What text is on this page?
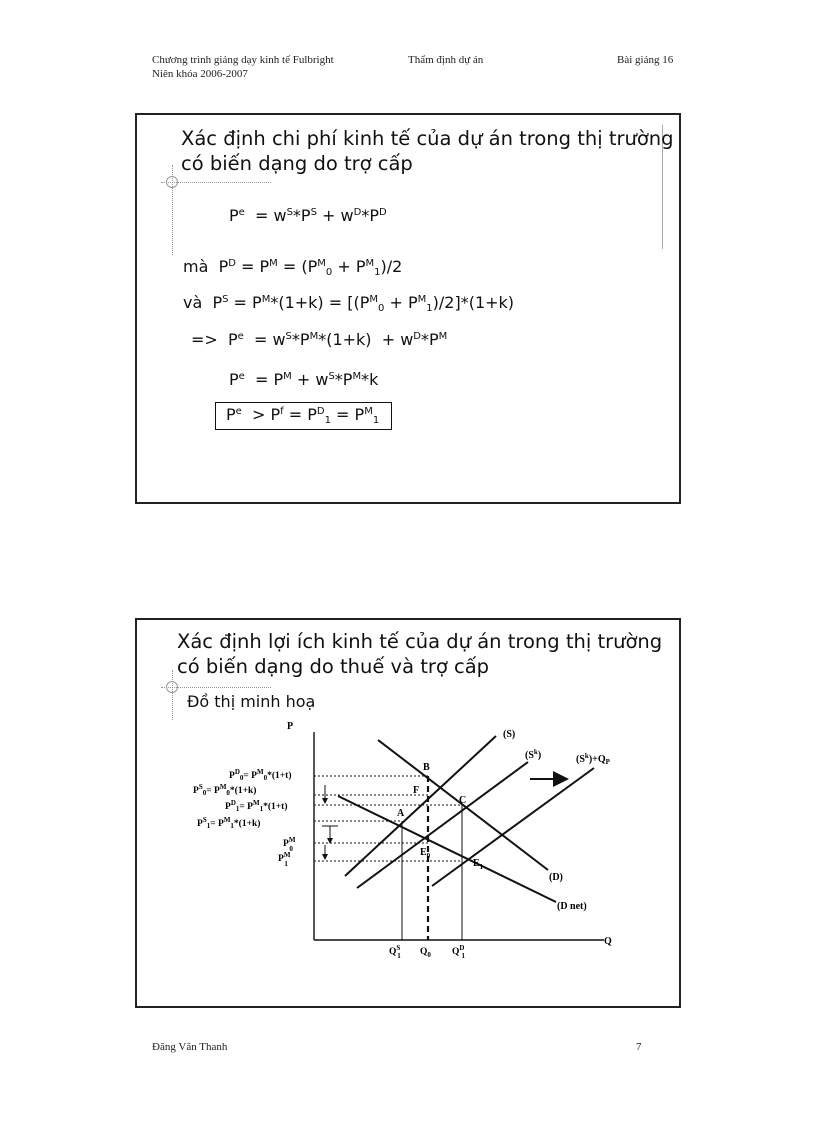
Chương trình giảng dạy kinh tế Fulbright
Niên khóa 2006-2007
Thẩm định dự án	Bài giảng 16
Xác định chi phí kinh tế của dự án trong thị trường
có biến dạng do trợ cấp
$P^e = w^S*P^S + w^D*P^D$
mà  $P^D = P^M = (P^M_0 + P^M_1)/2$
và  $P^S = P^M*(1+k) = [(P^M_0 + P^M_1)/2]*(1+k)$
=>  $P^e = w^S*P^M*(1+k) + w^D*P^M$
$P^e = P^M + w^S*P^M*k$
$P^e > P^f = P^D_1 = P^M_1$
Xác định lợi ích kinh tế của dự án trong thị trường
có biến dạng do thuế và trợ cấp
Đồ thị minh hoạ
P
Q
(S)
$(S^k)$	$(S^k)+Q_P$
(D)
(D net)
B
F
C
A
$E_0$
$E_1$
$P^D_0= P^M_0*(1+t)$
$P^S_0= P^M_0*(1+k)$
$P^D_1= P^M_1*(1+t)$
$P^S_1= P^M_1*(1+k)$
$P^M$ 0
$P^M$ 1
$Q^S$ 1 $Q_0$ $Q^D$ 1
Đăng Văn Thanh	7
